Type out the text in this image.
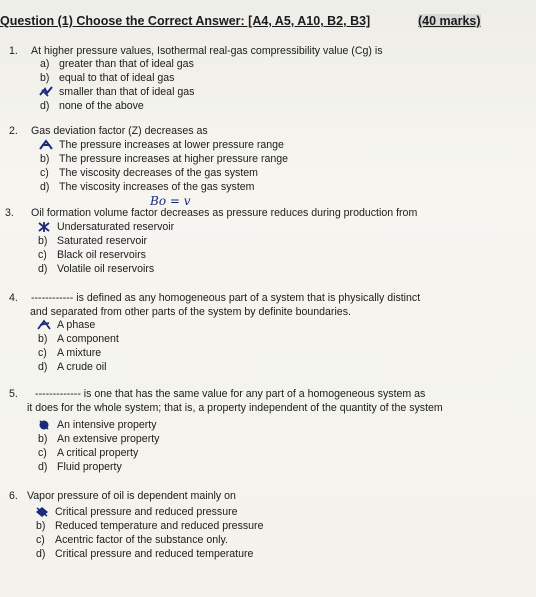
Question (1) Choose the Correct Answer: [A4, A5, A10, B2, B3]	(40 marks)
1. At higher pressure values, Isothermal real-gas compressibility value (Cg) is
a) greater than that of ideal gas
b) equal to that of ideal gas
smaller than that of ideal gas
d) none of the above
2. Gas deviation factor (Z) decreases as
The pressure increases at lower pressure range
b) The pressure increases at higher pressure range
c) The viscosity decreases of the gas system
d) The viscosity increases of the gas system
Bo = v
3. Oil formation volume factor decreases as pressure reduces during production from
Undersaturated reservoir
b) Saturated reservoir
c) Black oil reservoirs
d) Volatile oil reservoirs
4. ------------ is defined as any homogeneous part of a system that is physically distinct
and separated from other parts of the system by definite boundaries.
A phase
b) A component
c) A mixture
d) A crude oil
5. ------------- is one that has the same value for any part of a homogeneous system as
it does for the whole system; that is, a property independent of the quantity of the system
An intensive property
b) An extensive property
c) A critical property
d) Fluid property
6. Vapor pressure of oil is dependent mainly on
Critical pressure and reduced pressure
b) Reduced temperature and reduced pressure
c) Acentric factor of the substance only.
d) Critical pressure and reduced temperature
